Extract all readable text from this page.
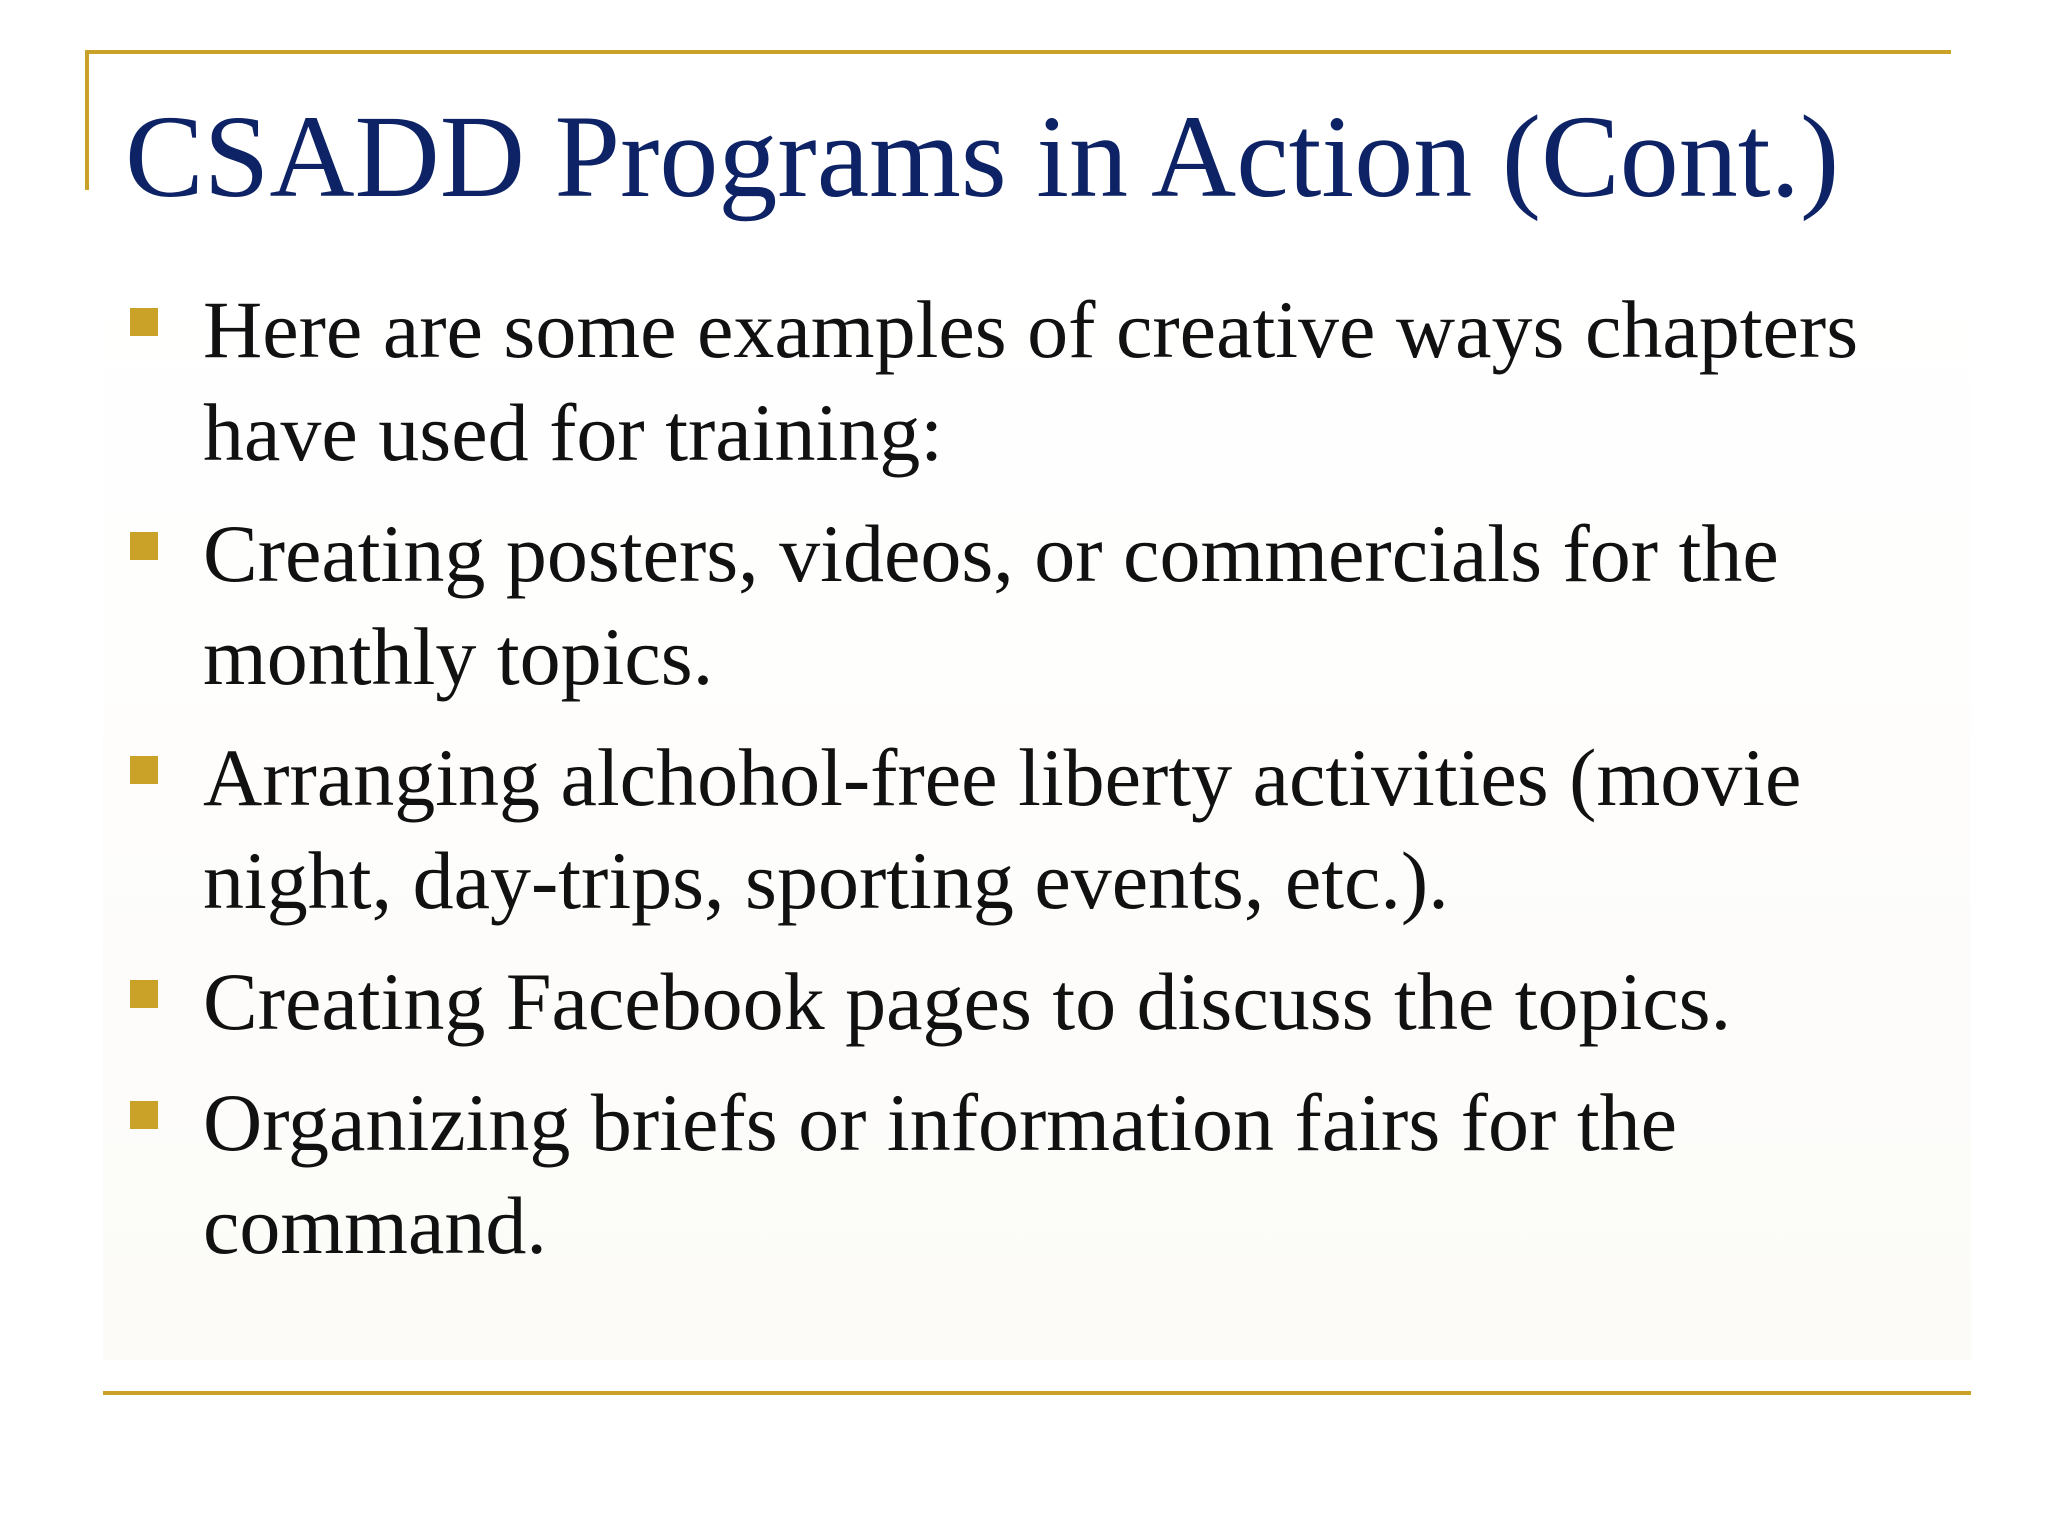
CSADD Programs in Action (Cont.)
Here are some examples of creative ways chapters have used for training:
Creating posters, videos, or commercials for the monthly topics.
Arranging alchohol-free liberty activities (movie night, day-trips, sporting events, etc.).
Creating Facebook pages to discuss the topics.
Organizing briefs or information fairs for the command.
